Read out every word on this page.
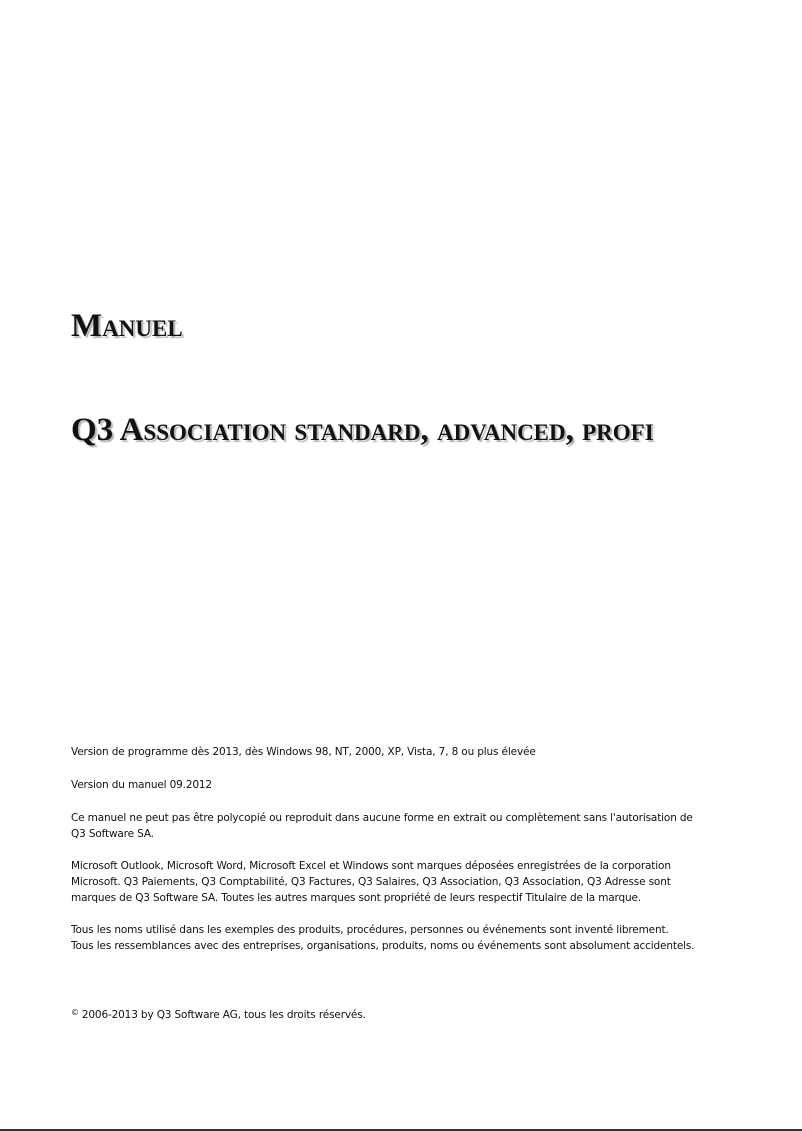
Manuel
Q3 Association standard, advanced, profi

Version de programme dès 2013, dès Windows 98, NT, 2000, XP, Vista, 7, 8 ou plus élevée

Version du manuel 09.2012

Ce manuel ne peut pas être polycopié ou reproduit dans aucune forme en extrait ou complètement sans l'autorisation de
Q3 Software SA.

Microsoft Outlook, Microsoft Word, Microsoft Excel et Windows sont marques déposées enregistrées de la corporation
Microsoft. Q3 Paiements, Q3 Comptabilité, Q3 Factures, Q3 Salaires, Q3 Association, Q3 Association, Q3 Adresse sont
marques de Q3 Software SA. Toutes les autres marques sont propriété de leurs respectif Titulaire de la marque.

Tous les noms utilisé dans les exemples des produits, procédures, personnes ou événements sont inventé librement.
Tous les ressemblances avec des entreprises, organisations, produits, noms ou événements sont absolument accidentels.

© 2006-2013 by Q3 Software AG, tous les droits réservés.
